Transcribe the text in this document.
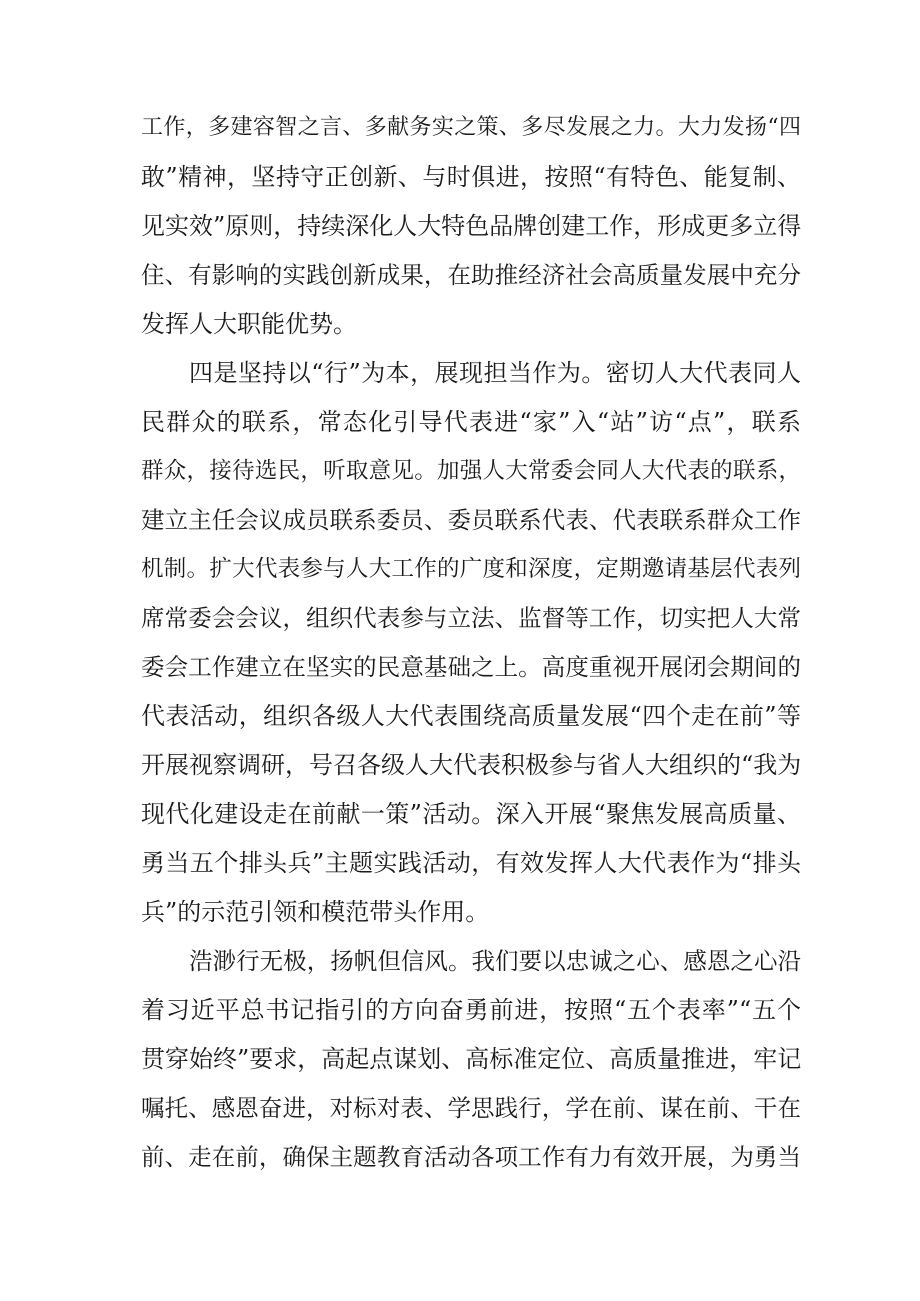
工作，多建容智之言、多献务实之策、多尽发展之力。大力发扬“四
敢”精神，坚持守正创新、与时俱进，按照“有特色、能复制、
见实效”原则，持续深化人大特色品牌创建工作，形成更多立得
住、有影响的实践创新成果，在助推经济社会高质量发展中充分
发挥人大职能优势。
四是坚持以“行”为本，展现担当作为。密切人大代表同人
民群众的联系，常态化引导代表进“家”入“站”访“点”，联系
群众，接待选民，听取意见。加强人大常委会同人大代表的联系，
建立主任会议成员联系委员、委员联系代表、代表联系群众工作
机制。扩大代表参与人大工作的广度和深度，定期邀请基层代表列
席常委会会议，组织代表参与立法、监督等工作，切实把人大常
委会工作建立在坚实的民意基础之上。高度重视开展闭会期间的
代表活动，组织各级人大代表围绕高质量发展“四个走在前”等
开展视察调研，号召各级人大代表积极参与省人大组织的“我为
现代化建设走在前献一策”活动。深入开展“聚焦发展高质量、
勇当五个排头兵”主题实践活动，有效发挥人大代表作为“排头
兵”的示范引领和模范带头作用。
浩渺行无极，扬帆但信风。我们要以忠诚之心、感恩之心沿
着习近平总书记指引的方向奋勇前进，按照“五个表率”“五个
贯穿始终”要求，高起点谋划、高标准定位、高质量推进，牢记
嘱托、感恩奋进，对标对表、学思践行，学在前、谋在前、干在
前、走在前，确保主题教育活动各项工作有力有效开展，为勇当
